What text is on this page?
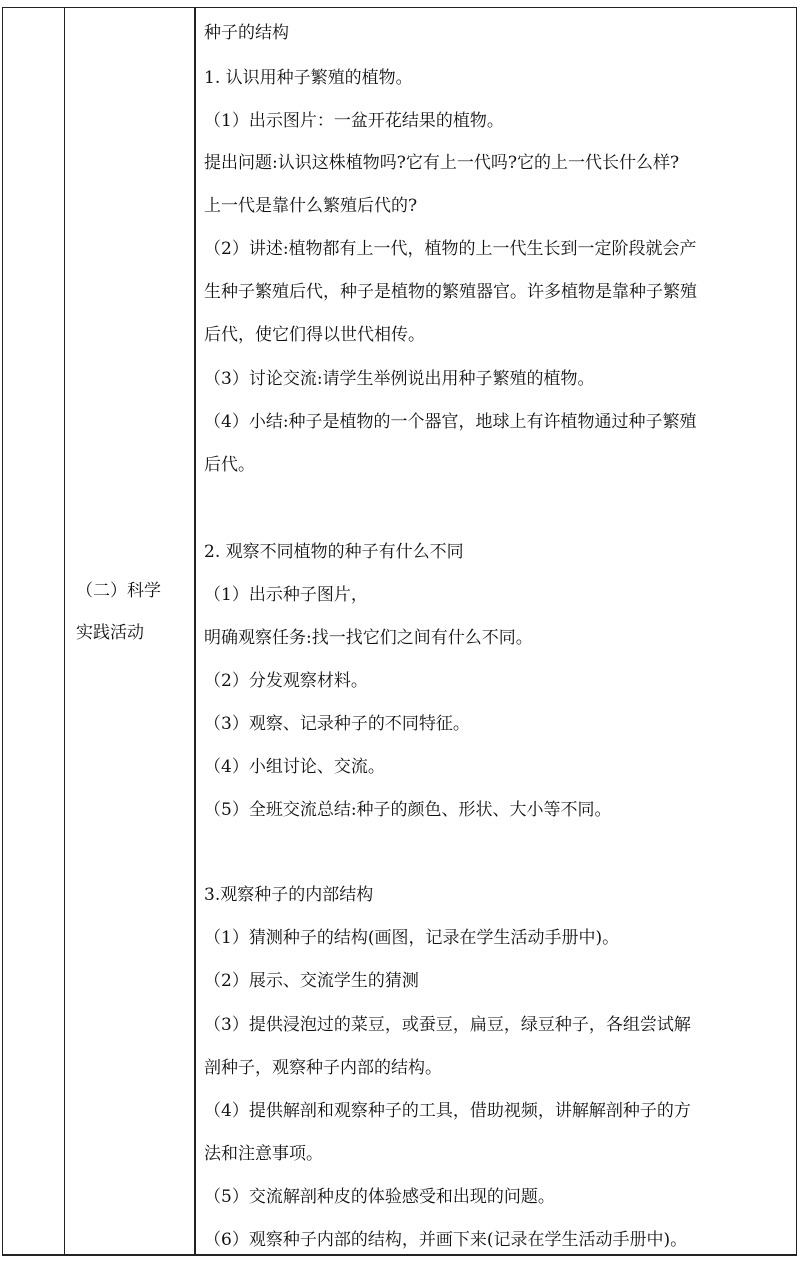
（二）科学
实践活动
种子的结构
1. 认识用种子繁殖的植物。
（1）出示图片：一盆开花结果的植物。
提出问题:认识这株植物吗?它有上一代吗?它的上一代长什么样?
上一代是靠什么繁殖后代的?
（2）讲述:植物都有上一代，植物的上一代生长到一定阶段就会产
生种子繁殖后代，种子是植物的繁殖器官。许多植物是靠种子繁殖
后代，使它们得以世代相传。
（3）讨论交流:请学生举例说出用种子繁殖的植物。
（4）小结:种子是植物的一个器官，地球上有许植物通过种子繁殖
后代。
2. 观察不同植物的种子有什么不同
（1）出示种子图片，
明确观察任务:找一找它们之间有什么不同。
（2）分发观察材料。
（3）观察、记录种子的不同特征。
（4）小组讨论、交流。
（5）全班交流总结:种子的颜色、形状、大小等不同。
3.观察种子的内部结构
（1）猜测种子的结构(画图，记录在学生活动手册中)。
（2）展示、交流学生的猜测
（3）提供浸泡过的菜豆，或蚕豆，扁豆，绿豆种子，各组尝试解
剖种子，观察种子内部的结构。
（4）提供解剖和观察种子的工具，借助视频，讲解解剖种子的方
法和注意事项。
（5）交流解剖种皮的体验感受和出现的问题。
（6）观察种子内部的结构，并画下来(记录在学生活动手册中)。
